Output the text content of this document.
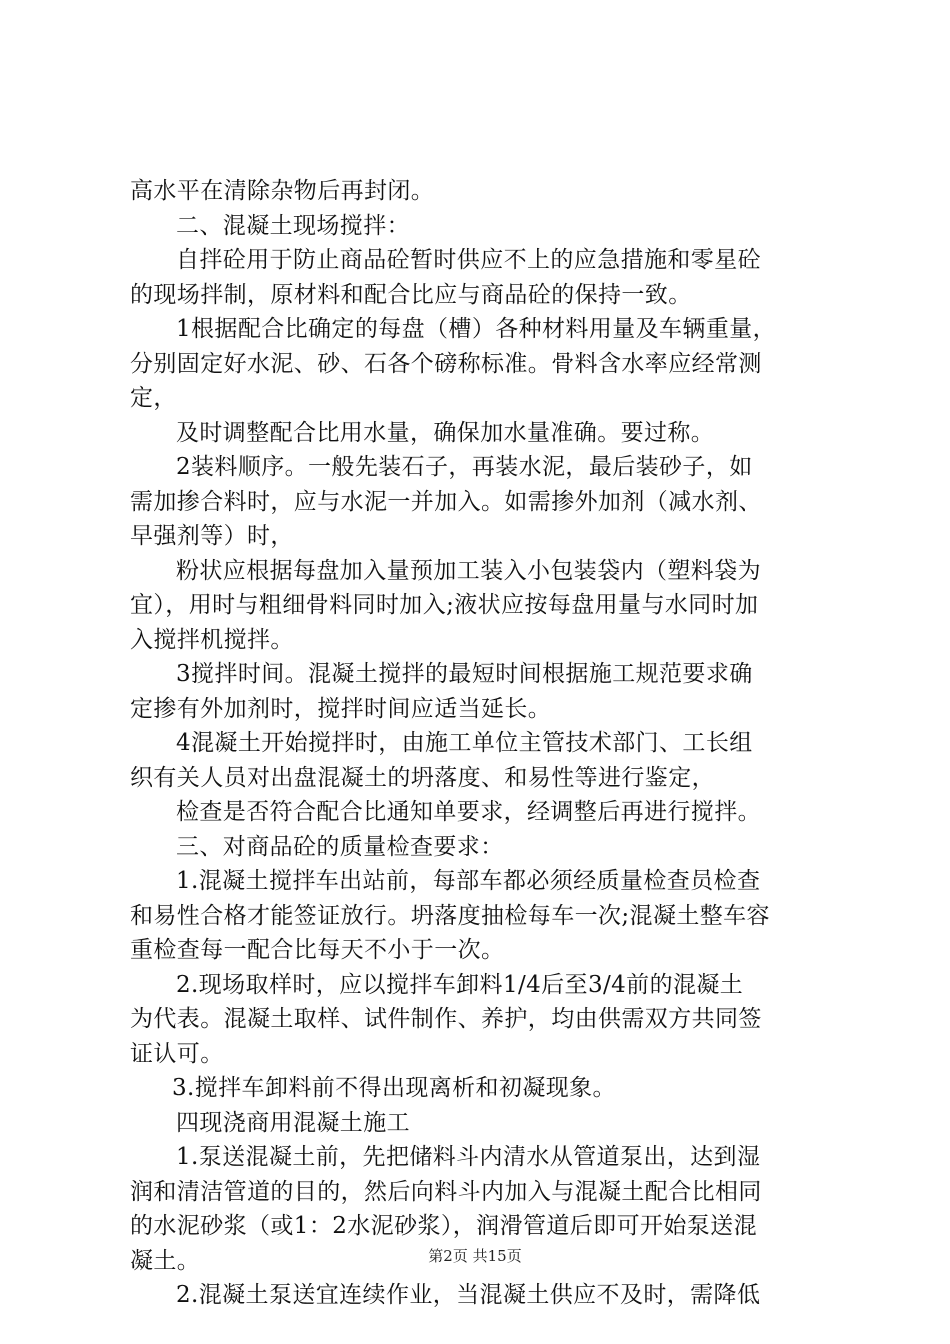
高水平在清除杂物后再封闭。
二、混凝土现场搅拌：
自拌砼用于防止商品砼暂时供应不上的应急措施和零星砼
的现场拌制，原材料和配合比应与商品砼的保持一致。
1根据配合比确定的每盘（槽）各种材料用量及车辆重量，
分别固定好水泥、砂、石各个磅称标准。骨料含水率应经常测
定，
及时调整配合比用水量，确保加水量准确。要过称。
2装料顺序。一般先装石子，再装水泥，最后装砂子，如
需加掺合料时，应与水泥一并加入。如需掺外加剂（减水剂、
早强剂等）时，
粉状应根据每盘加入量预加工装入小包装袋内（塑料袋为
宜），用时与粗细骨料同时加入;液状应按每盘用量与水同时加
入搅拌机搅拌。
3搅拌时间。混凝土搅拌的最短时间根据施工规范要求确
定掺有外加剂时，搅拌时间应适当延长。
4混凝土开始搅拌时，由施工单位主管技术部门、工长组
织有关人员对出盘混凝土的坍落度、和易性等进行鉴定，
检查是否符合配合比通知单要求，经调整后再进行搅拌。
三、对商品砼的质量检查要求：
1.混凝土搅拌车出站前，每部车都必须经质量检查员检查
和易性合格才能签证放行。坍落度抽检每车一次;混凝土整车容
重检查每一配合比每天不小于一次。
2.现场取样时，应以搅拌车卸料1/4后至3/4前的混凝土
为代表。混凝土取样、试件制作、养护，均由供需双方共同签
证认可。
3.搅拌车卸料前不得出现离析和初凝现象。
四现浇商用混凝土施工
1.泵送混凝土前，先把储料斗内清水从管道泵出，达到湿
润和清洁管道的目的，然后向料斗内加入与混凝土配合比相同
的水泥砂浆（或1：2水泥砂浆），润滑管道后即可开始泵送混
凝土。
2.混凝土泵送宜连续作业，当混凝土供应不及时，需降低
第2页 共15页
